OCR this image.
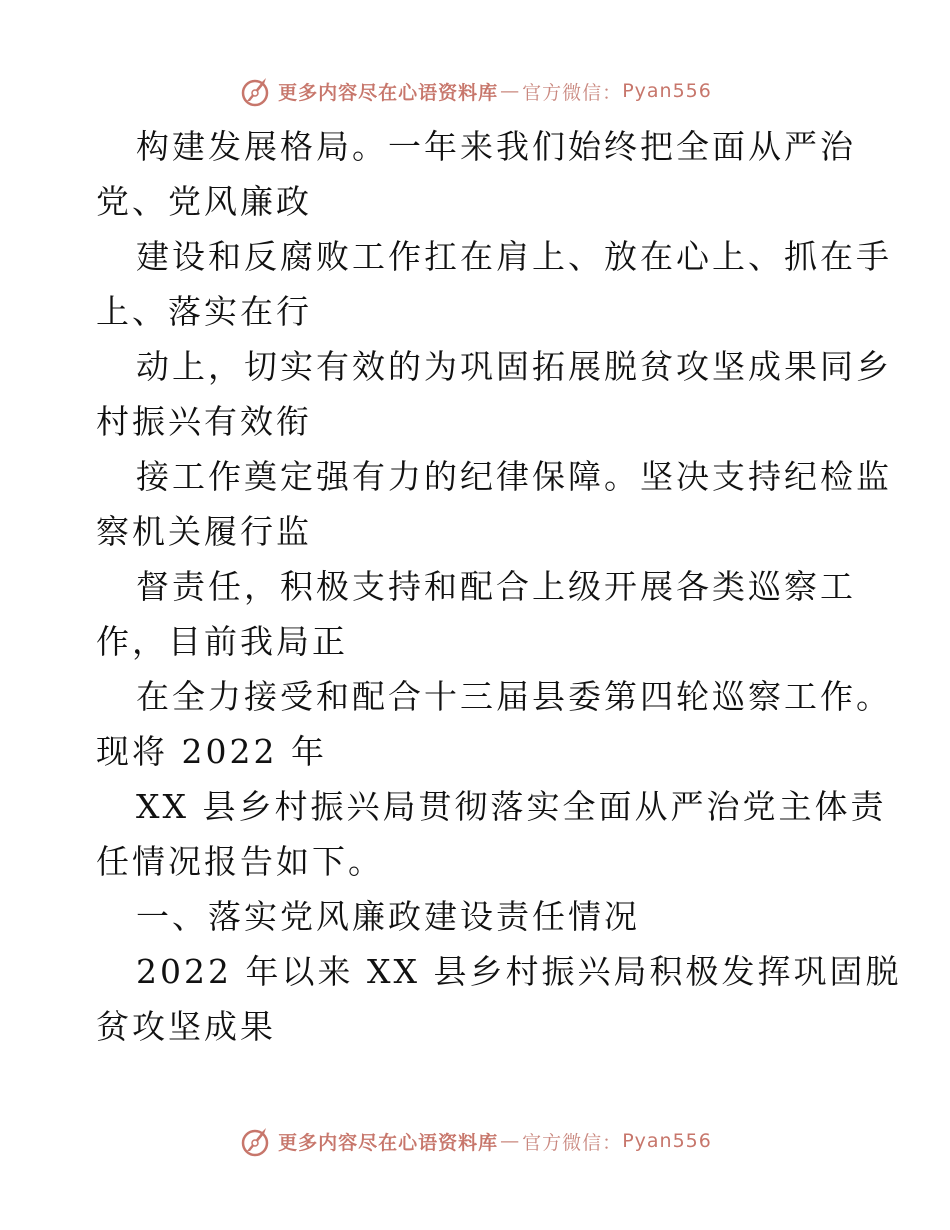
更多内容尽在心语资料库 — 官方微信： Pyan556
构建发展格局。一年来我们始终把全面从严治
党、党风廉政
建设和反腐败工作扛在肩上、放在心上、抓在手
上、落实在行
动上，切实有效的为巩固拓展脱贫攻坚成果同乡
村振兴有效衔
接工作奠定强有力的纪律保障。坚决支持纪检监
察机关履行监
督责任，积极支持和配合上级开展各类巡察工
作，目前我局正
在全力接受和配合十三届县委第四轮巡察工作。
现将 2022 年
XX 县乡村振兴局贯彻落实全面从严治党主体责
任情况报告如下。
一、落实党风廉政建设责任情况
2022 年以来 XX 县乡村振兴局积极发挥巩固脱
贫攻坚成果
更多内容尽在心语资料库 — 官方微信： Pyan556
